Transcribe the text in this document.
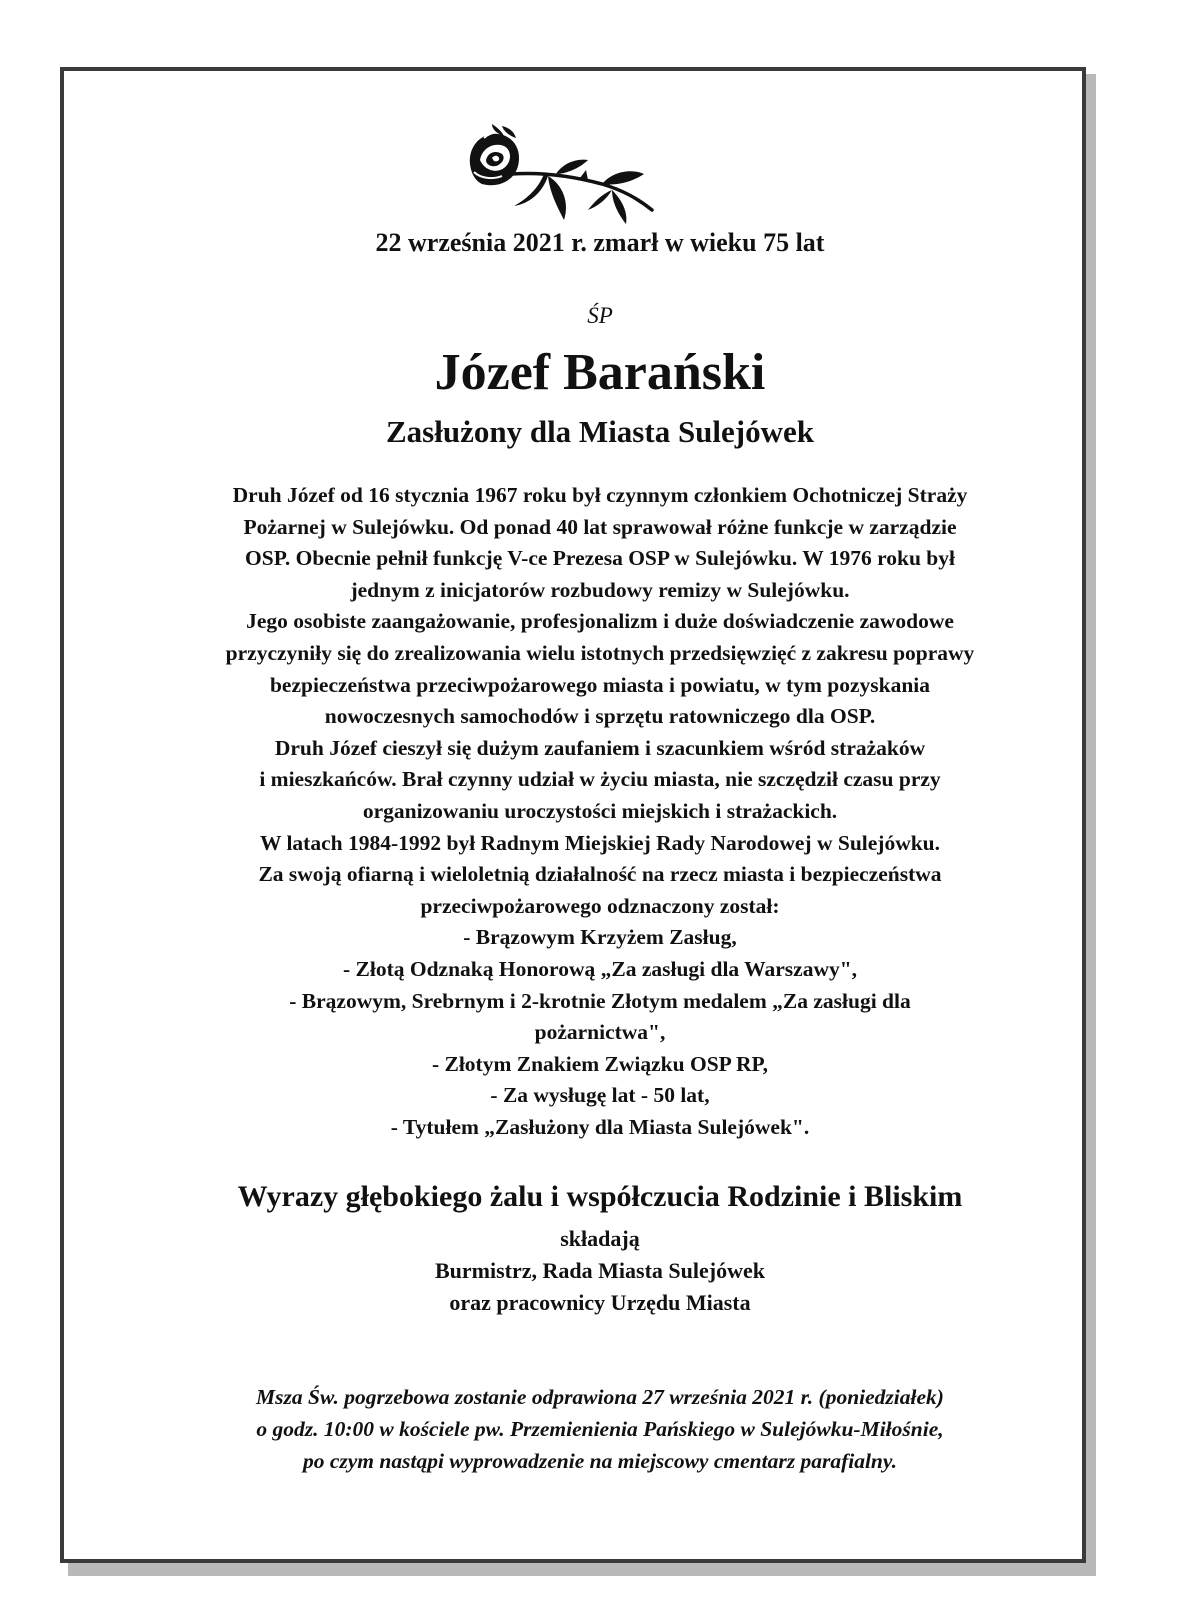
22 września 2021 r. zmarł w wieku 75 lat
ŚP
Józef Barański
Zasłużony dla Miasta Sulejówek
Druh Józef od 16 stycznia 1967 roku był czynnym członkiem Ochotniczej Straży
Pożarnej w Sulejówku. Od ponad 40 lat sprawował różne funkcje w zarządzie
OSP. Obecnie pełnił funkcję V-ce Prezesa OSP w Sulejówku. W 1976 roku był
jednym z inicjatorów rozbudowy remizy w Sulejówku.
Jego osobiste zaangażowanie, profesjonalizm i duże doświadczenie zawodowe
przyczyniły się do zrealizowania wielu istotnych przedsięwzięć z zakresu poprawy
bezpieczeństwa przeciwpożarowego miasta i powiatu, w tym pozyskania
nowoczesnych samochodów i sprzętu ratowniczego dla OSP.
Druh Józef cieszył się dużym zaufaniem i szacunkiem wśród strażaków
i mieszkańców. Brał czynny udział w życiu miasta, nie szczędził czasu przy
organizowaniu uroczystości miejskich i strażackich.
W latach 1984-1992 był Radnym Miejskiej Rady Narodowej w Sulejówku.
Za swoją ofiarną i wieloletnią działalność na rzecz miasta i bezpieczeństwa
przeciwpożarowego odznaczony został:
- Brązowym Krzyżem Zasług,
- Złotą Odznaką Honorową „Za zasługi dla Warszawy",
- Brązowym, Srebrnym i 2-krotnie Złotym medalem „Za zasługi dla
pożarnictwa",
- Złotym Znakiem Związku OSP RP,
- Za wysługę lat - 50 lat,
- Tytułem „Zasłużony dla Miasta Sulejówek".
Wyrazy głębokiego żalu i współczucia Rodzinie i Bliskim
składają
Burmistrz, Rada Miasta Sulejówek
oraz pracownicy Urzędu Miasta
Msza Św. pogrzebowa zostanie odprawiona 27 września 2021 r. (poniedziałek)
o godz. 10:00 w kościele pw. Przemienienia Pańskiego w Sulejówku-Miłośnie,
po czym nastąpi wyprowadzenie na miejscowy cmentarz parafialny.
